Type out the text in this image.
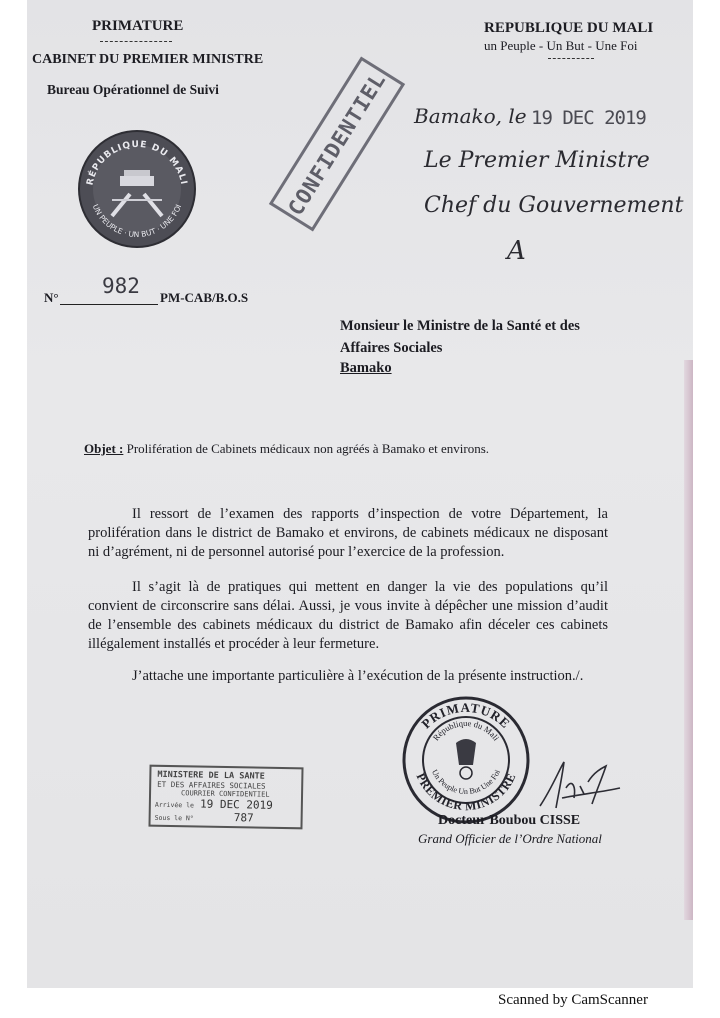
PRIMATURE
CABINET DU PREMIER MINISTRE
Bureau Opérationnel de Suivi
REPUBLIQUE DU MALI
un Peuple - Un But - Une Foi
RÉPUBLIQUE DU MALI
UN PEUPLE · UN BUT · UNE FOI	CONFIDENTIEL Bamako, le 19 DEC 2019
Le Premier Ministre
Chef du Gouvernement
A
N° 982 PM-CAB/B.O.S
Monsieur le Ministre de la Santé et des
Affaires Sociales
Bamako
Objet : Prolifération de Cabinets médicaux non agréés à Bamako et environs.
Il ressort de l’examen des rapports d’inspection de votre Département, la prolifération dans le district de Bamako et environs, de cabinets médicaux ne disposant ni d’agrément, ni de personnel autorisé pour l’exercice de la profession.
Il s’agit là de pratiques qui mettent en danger la vie des populations qu’il convient de circonscrire sans délai. Aussi, je vous invite à dépêcher une mission d’audit de l’ensemble des cabinets médicaux du district de Bamako afin déceler ces cabinets illégalement installés et procéder à leur fermeture.
J’attache une importante particulière à l’exécution de la présente instruction./.
MINISTERE DE LA SANTE
ET DES AFFAIRES SOCIALES
COURRIER CONFIDENTIEL
Arrivée le 19 DEC 2019
Sous le N°	787
PRIMATURE
PREMIER MINISTRE
République du Mali
Un Peuple Un But Une Foi
Docteur Boubou CISSE
Grand Officier de l’Ordre National
Scanned by CamScanner
